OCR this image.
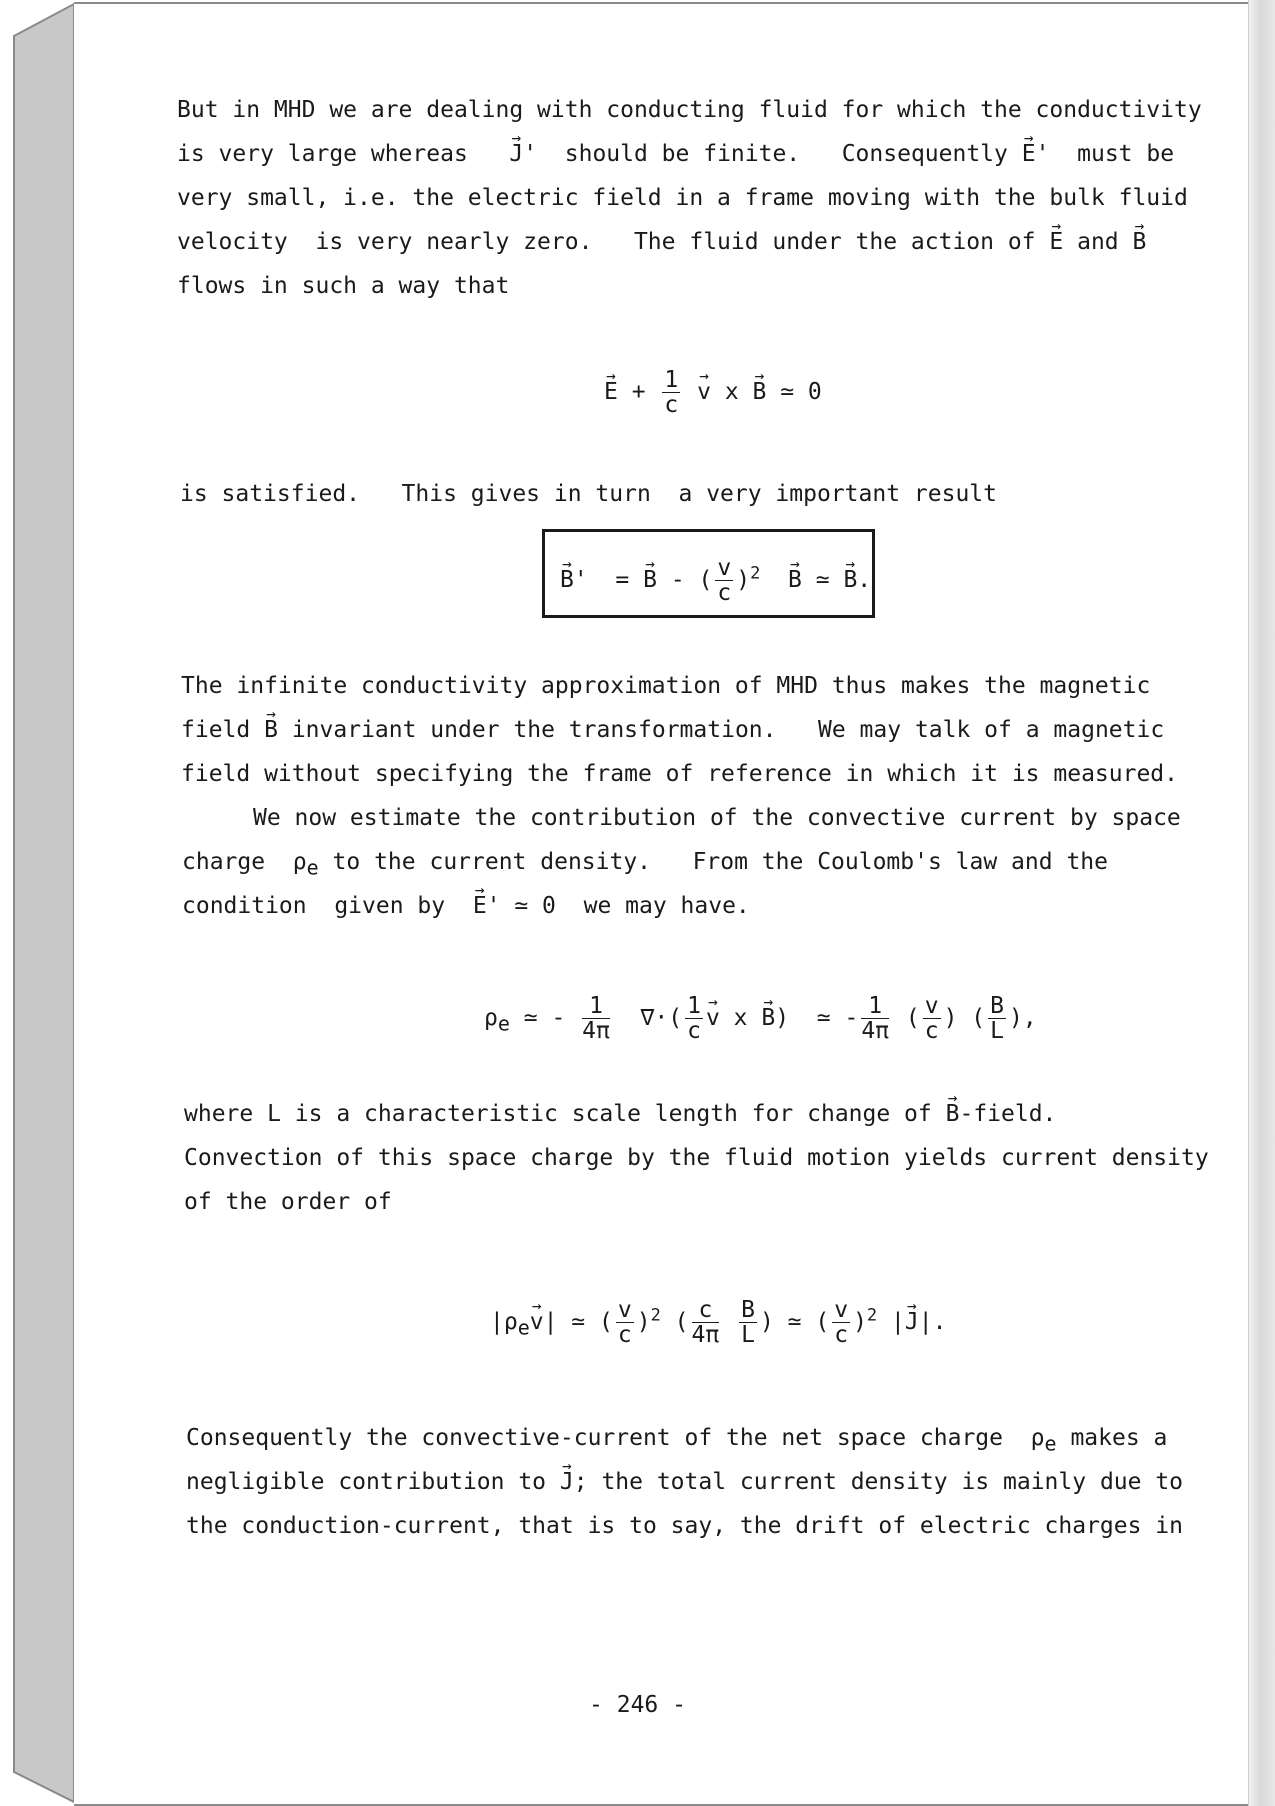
But in MHD we are dealing with conducting fluid for which the conductivity
is very large whereas   → J'  should be finite. Consequently → E'  must be
very small, i.e. the electric field in a frame moving with the bulk fluid
velocity  is very nearly zero.   The fluid under the action of → E and → B
flows in such a way that
→ $E + \frac{1}{c}$
→ v x → B ≃ 0
is satisfied.   This gives in turn  a very important result
→ B'  = → B - ( $\frac{v}{c} )^2 \to B$ ≃ → B.
The infinite conductivity approximation of MHD thus makes the magnetic
field → B invariant under the transformation.   We may talk of a magnetic
field without specifying the frame of reference in which it is measured.
We now estimate the contribution of the convective current by space
charge  $\rho_e$ to the current density.   From the Coulomb's law and the
condition  given by  → E' ≃ 0  we may have.
$\rho_e$ ≃ - $\frac{1}{4\pi}$ ∇·( $\frac{1}{c}$
→ v x → B)  ≃ - $\frac{1}{4\pi}$ ( $\frac{v}{c}$ ) ( $\frac{B}{L}$ ),
where L is a characteristic scale length for change of → B-field.
Convection of this space charge by the fluid motion yields current density
of the order of
$|\rho_e\to v|$ ≃ ( $\frac{v}{c} )^2$ ( $\frac{c}{4\pi}$
$\frac{B}{L}$ ) ≃ ( $\frac{v}{c} )^2$ |→ J|.
Consequently the convective-current of the net space charge  $\rho_e$ makes a
negligible contribution to → J; the total current density is mainly due to
the conduction-current, that is to say, the drift of electric charges in
- 246 -
